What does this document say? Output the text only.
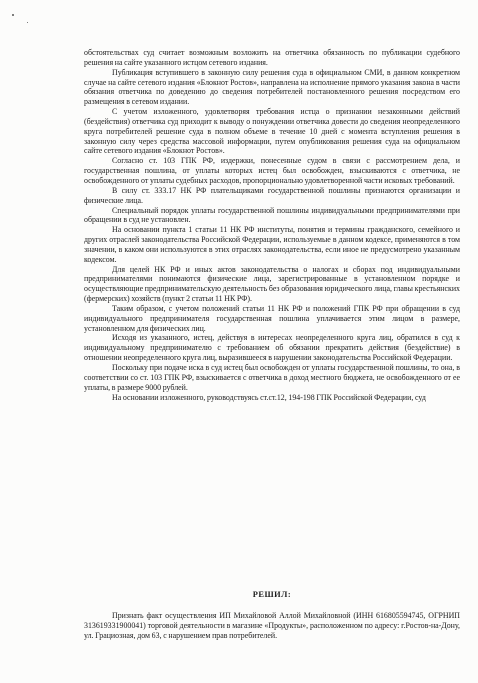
обстоятельствах суд считает возможным возложить на ответчика обязанность по публикации судебного решения на сайте указанного истцом сетевого издания.

Публикация вступившего в законную силу решения суда в официальном СМИ, в данном конкретном случае на сайте сетевого издания «Блокнот Ростов», направлена на исполнение прямого указания закона в части обязания ответчика по доведению до сведения потребителей постановленного решения посредством его размещения в сетевом издании.

С учетом изложенного, удовлетворяя требования истца о признании незаконными действий (бездействия) ответчика суд приходит к выводу о понуждении ответчика довести до сведения неопределенного круга потребителей решение суда в полном объеме в течение 10 дней с момента вступления решения в законную силу через средства массовой информации, путем опубликования решения суда на официальном сайте сетевого издания «Блокнот Ростов».

Согласно ст. 103 ГПК РФ, издержки, понесенные судом в связи с рассмотрением дела, и государственная пошлина, от уплаты которых истец был освобожден, взыскиваются с ответчика, не освобожденного от уплаты судебных расходов, пропорционально удовлетворенной части исковых требований.

В силу ст. 333.17 НК РФ плательщиками государственной пошлины признаются организации и физические лица.

Специальный порядок уплаты государственной пошлины индивидуальными предпринимателями при обращении в суд не установлен.

На основании пункта 1 статьи 11 НК РФ институты, понятия и термины гражданского, семейного и других отраслей законодательства Российской Федерации, используемые в данном кодексе, применяются в том значении, в каком они используются в этих отраслях законодательства, если иное не предусмотрено указанным кодексом.

Для целей НК РФ и иных актов законодательства о налогах и сборах под индивидуальными предпринимателями понимаются физические лица, зарегистрированные в установленном порядке и осуществляющие предпринимательскую деятельность без образования юридического лица, главы крестьянских (фермерских) хозяйств (пункт 2 статьи 11 НК РФ).

Таким образом, с учетом положений статьи 11 НК РФ и положений ГПК РФ при обращении в суд индивидуального предпринимателя государственная пошлина уплачивается этим лицом в размере, установленном для физических лиц.

Исходя из указанного, истец, действуя в интересах неопределенного круга лиц, обратился в суд к индивидуальному предпринимателю с требованием об обязании прекратить действия (бездействие) в отношении неопределенного круга лиц, выразившееся в нарушении законодательства Российской Федерации.

Поскольку при подаче иска в суд истец был освобожден от уплаты государственной пошлины, то она, в соответствии со ст. 103 ГПК РФ, взыскивается с ответчика в доход местного бюджета, не освобожденного от ее уплаты, в размере 9000 рублей.

На основании изложенного, руководствуясь ст.ст.12, 194-198 ГПК Российской Федерации, суд

РЕШИЛ:

Признать факт осуществления ИП Михайловой Аллой Михайловной (ИНН 616805594745, ОГРНИП 313619331900041) торговой деятельности в магазине «Продукты», расположенном по адресу: г.Ростов-на-Дону, ул. Грациозная, дом 63, с нарушением прав потребителей.
